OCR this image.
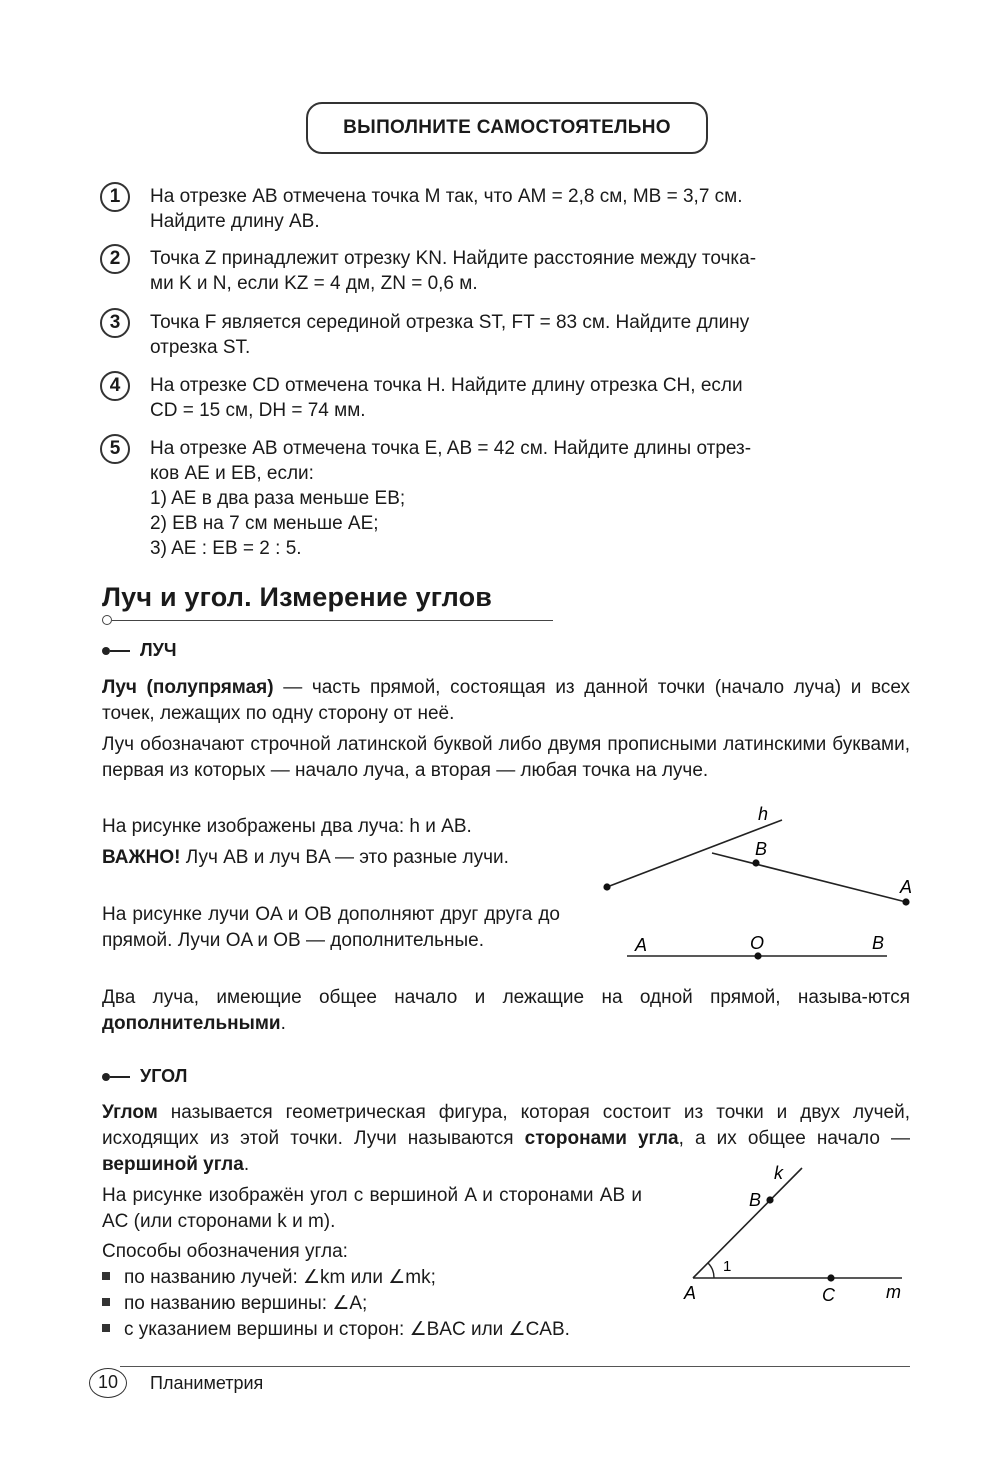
ВЫПОЛНИТЕ САМОСТОЯТЕЛЬНО
1	На отрезке AB отмечена точка M так, что AM = 2,8 см, MB = 3,7 см.
Найдите длину AB.
2	Точка Z принадлежит отрезку KN. Найдите расстояние между точка-
ми K и N, если KZ = 4 дм, ZN = 0,6 м.
3	Точка F является серединой отрезка ST, FT = 83 см. Найдите длину
отрезка ST.
4	На отрезке CD отмечена точка H. Найдите длину отрезка CH, если
CD = 15 см, DH = 74 мм.
5	На отрезке AB отмечена точка E, AB = 42 см. Найдите длины отрез-
ков AE и EB, если:
1) AE в два раза меньше EB;
2) EB на 7 см меньше AE;
3) AE : EB = 2 : 5.
Луч и угол. Измерение углов
ЛУЧ
Луч (полупрямая) — часть прямой, состоящая из данной точки (начало луча) и всех точек, лежащих по одну сторону от неё.
Луч обозначают строчной латинской буквой либо двумя прописными латинскими буквами, первая из которых — начало луча, а вторая — любая точка на луче.
На рисунке изображены два луча: h и AB.
ВАЖНО! Луч AB и луч BA — это разные лучи.
На рисунке лучи OA и OB дополняют друг друга до прямой. Лучи OA и OB — дополнительные.
h
B
A
A	O	B
Два луча, имеющие общее начало и лежащие на одной прямой, называ-ются дополнительными.
УГОЛ
Углом называется геометрическая фигура, которая состоит из точки и двух лучей, исходящих из этой точки. Лучи называются сторонами угла, а их общее начало — вершиной угла.
На рисунке изображён угол с вершиной A и сторонами AB и AC (или сторонами k и m).
Способы обозначения угла:
по названию лучей: ∠km или ∠mk;
по названию вершины: ∠A;
с указанием вершины и сторон: ∠BAC или ∠CAB.
k
B
1
A	C	m
10	Планиметрия
